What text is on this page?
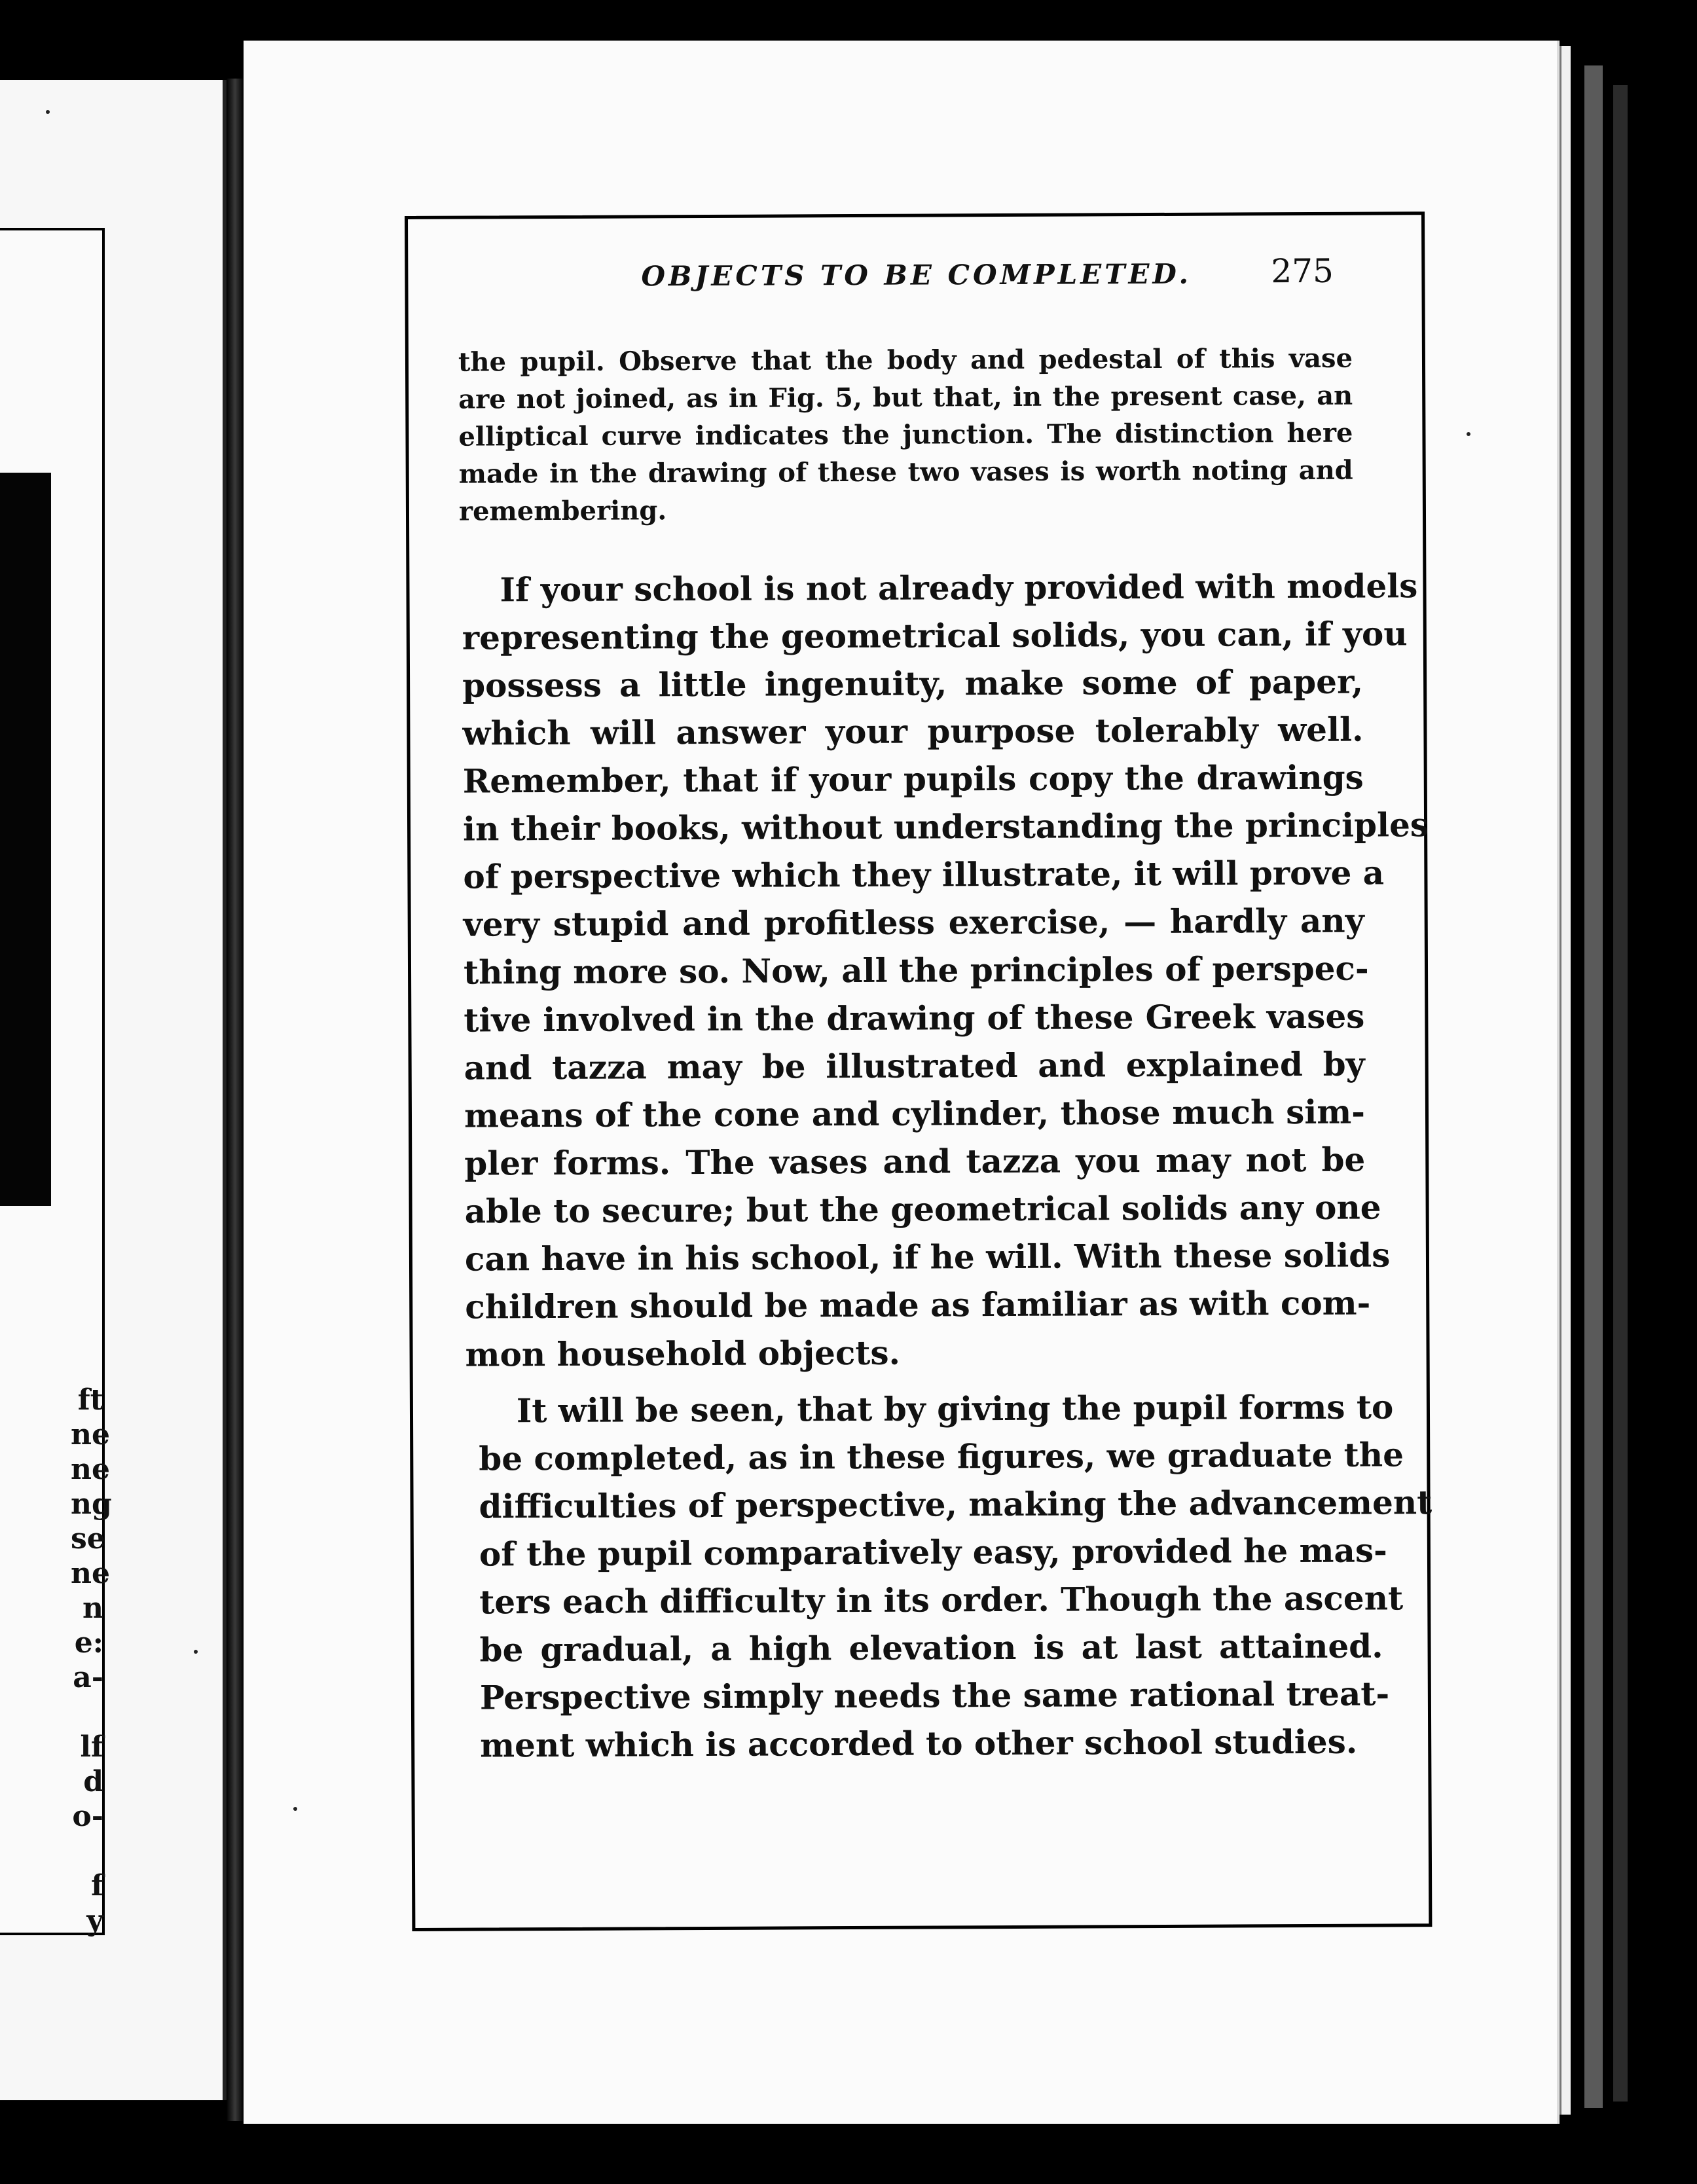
ft
ne
ne
ng
se
ne
n
e:
a-
lf
d
o-
f
y
OBJECTS TO BE COMPLETED. 275
the pupil. Observe that the body and pedestal of this vase
are not joined, as in Fig. 5, but that, in the present case, an
elliptical curve indicates the junction. The distinction here
made in the drawing of these two vases is worth noting and
remembering.
If your school is not already provided with models
representing the geometrical solids, you can, if you
possess a little ingenuity, make some of paper,
which will answer your purpose tolerably well.
Remember, that if your pupils copy the drawings
in their books, without understanding the principles
of perspective which they illustrate, it will prove a
very stupid and profitless exercise, — hardly any
thing more so. Now, all the principles of perspec-
tive involved in the drawing of these Greek vases
and tazza may be illustrated and explained by
means of the cone and cylinder, those much sim-
pler forms. The vases and tazza you may not be
able to secure; but the geometrical solids any one
can have in his school, if he will. With these solids
children should be made as familiar as with com-
mon household objects.
It will be seen, that by giving the pupil forms to
be completed, as in these figures, we graduate the
difficulties of perspective, making the advancement
of the pupil comparatively easy, provided he mas-
ters each difficulty in its order. Though the ascent
be gradual, a high elevation is at last attained.
Perspective simply needs the same rational treat-
ment which is accorded to other school studies.
